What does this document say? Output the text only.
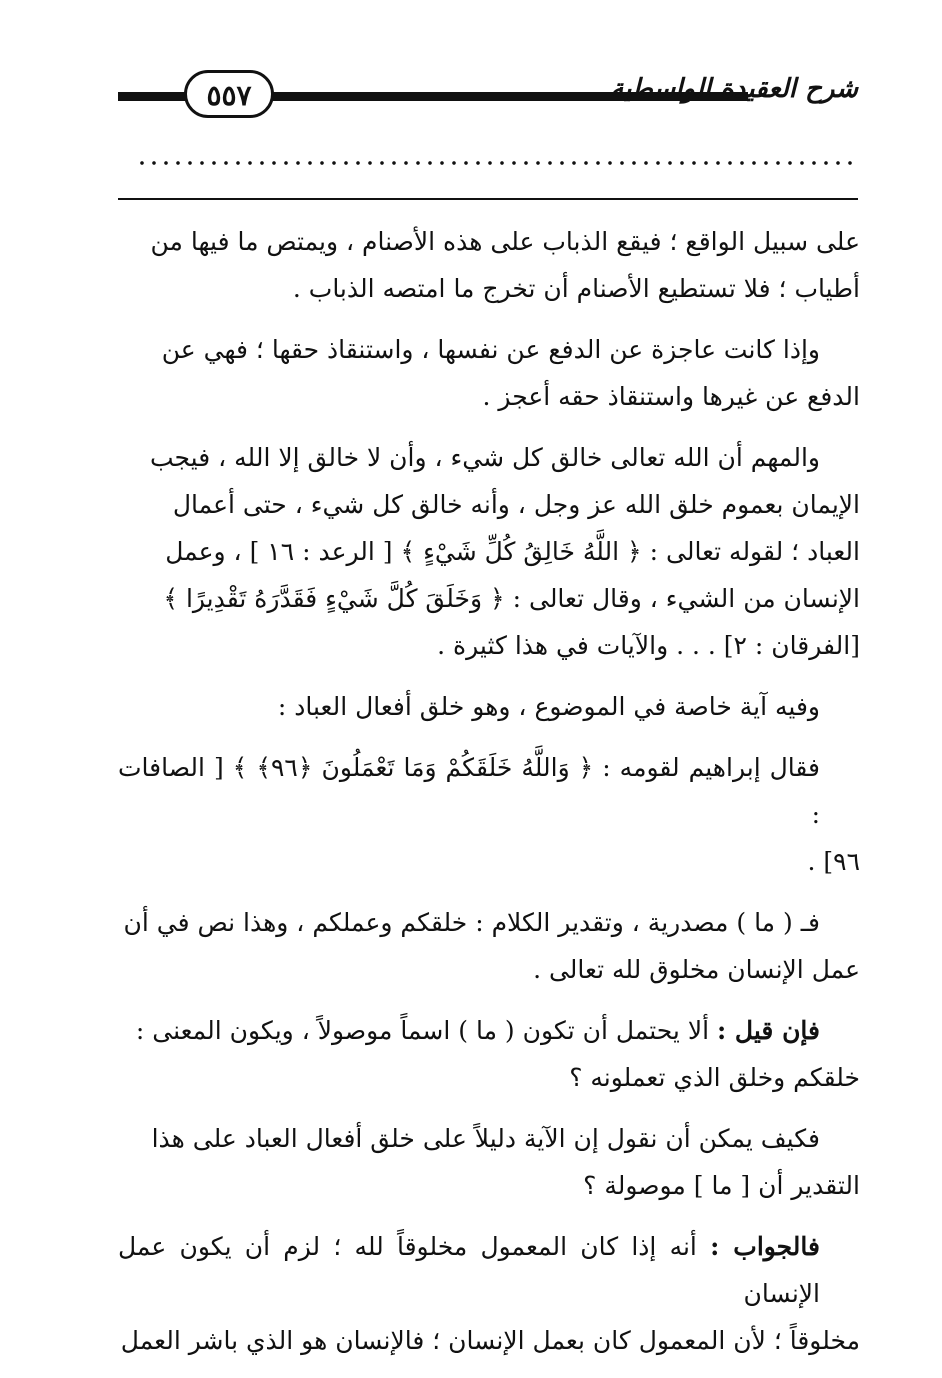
٥٥٧	شرح العقيدة الواسطية

على سبيل الواقع ؛ فيقع الذباب على هذه الأصنام ، ويمتص ما فيها من
أطياب ؛ فلا تستطيع الأصنام أن تخرج ما امتصه الذباب .

وإذا كانت عاجزة عن الدفع عن نفسها ، واستنقاذ حقها ؛ فهي عن
الدفع عن غيرها واستنقاذ حقه أعجز .

والمهم أن الله تعالى خالق كل شيء ، وأن لا خالق إلا الله ، فيجب
الإيمان بعموم خلق الله عز وجل ، وأنه خالق كل شيء ، حتى أعمال
العباد ؛ لقوله تعالى : ﴿ اللَّهُ خَالِقُ كُلِّ شَيْءٍ ﴾ [ الرعد : ١٦ ] ، وعمل
الإنسان من الشيء ، وقال تعالى : ﴿ وَخَلَقَ كُلَّ شَيْءٍ فَقَدَّرَهُ تَقْدِيرًا ﴾
[الفرقان : ٢] . . . والآيات في هذا كثيرة .

وفيه آية خاصة في الموضوع ، وهو خلق أفعال العباد :

فقال إبراهيم لقومه : ﴿ وَاللَّهُ خَلَقَكُمْ وَمَا تَعْمَلُونَ ﴿٩٦﴾ ﴾ [ الصافات :
٩٦] .

فـ ( ما ) مصدرية ، وتقدير الكلام : خلقكم وعملكم ، وهذا نص في أن
عمل الإنسان مخلوق لله تعالى .

فإن قيل : ألا يحتمل أن تكون ( ما ) اسماً موصولاً ، ويكون المعنى :
خلقكم وخلق الذي تعملونه ؟

فكيف يمكن أن نقول إن الآية دليلاً على خلق أفعال العباد على هذا
التقدير أن [ ما ] موصولة ؟

فالجواب : أنه إذا كان المعمول مخلوقاً لله ؛ لزم أن يكون عمل الإنسان
مخلوقاً ؛ لأن المعمول كان بعمل الإنسان ؛ فالإنسان هو الذي باشر العمل
